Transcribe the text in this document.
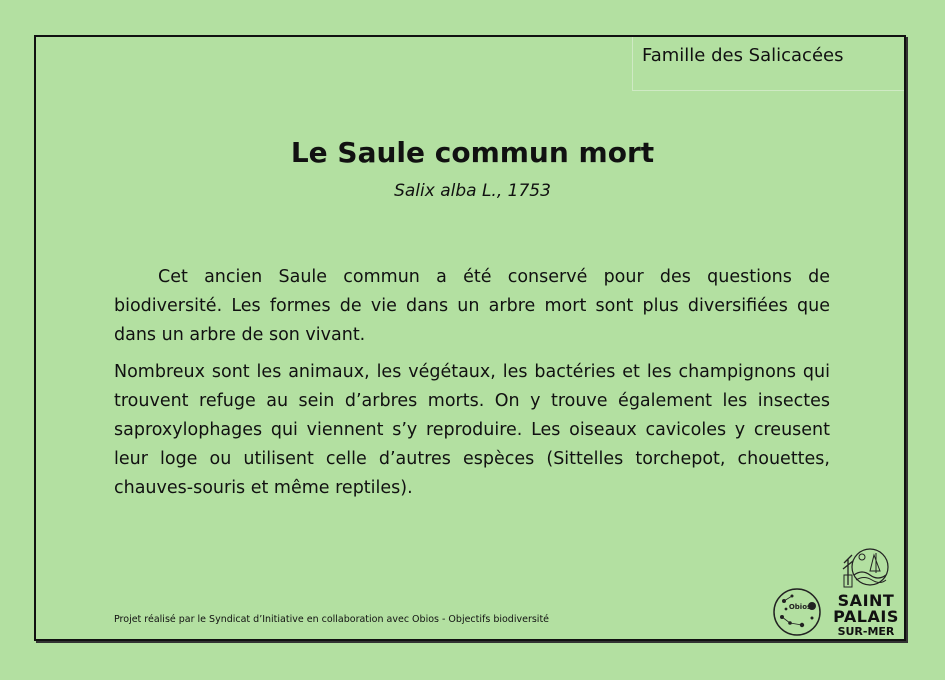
Famille des Salicacées
Le Saule commun mort
Salix alba L., 1753

Cet ancien Saule commun a été conservé pour des questions de biodiversité. Les formes de vie dans un arbre mort sont plus diversifiées que dans un arbre de son vivant.

Nombreux sont les animaux, les végétaux, les bactéries et les champignons qui trouvent refuge au sein d’arbres morts. On y trouve également les insectes saproxylophages qui viennent s’y reproduire. Les oiseaux cavicoles y creusent leur loge ou utilisent celle d’autres espèces (Sittelles torchepot, chouettes, chauves-souris et même reptiles).

Projet réalisé par le Syndicat d’Initiative en collaboration avec Obios - Objectifs biodiversité
Obios	SAINT
PALAIS
SUR-MER
